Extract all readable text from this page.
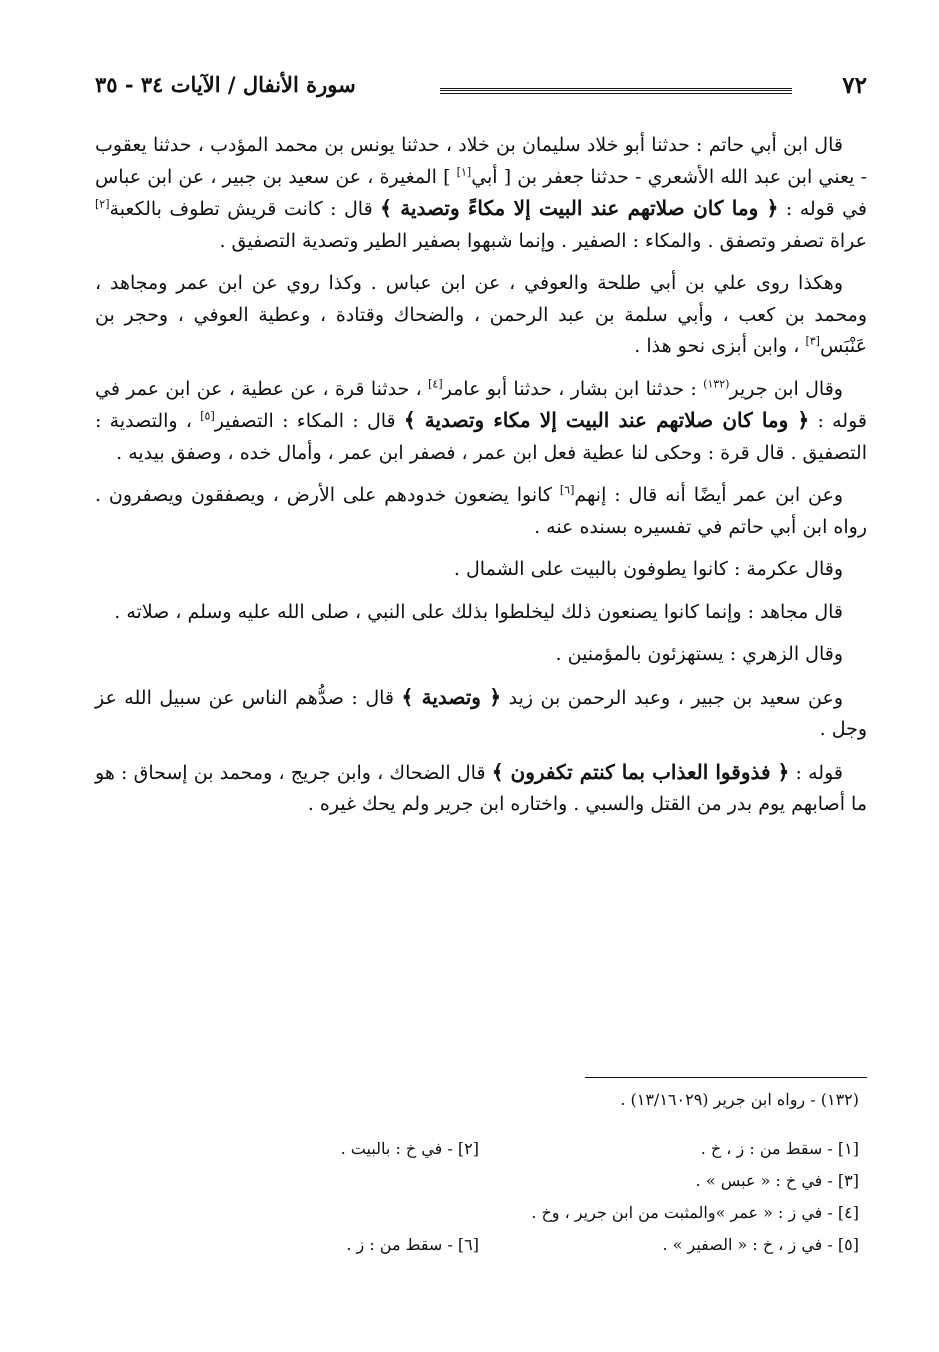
٧٢
سورة الأنفال / الآيات ٣٤ - ٣٥

قال ابن أبي حاتم : حدثنا أبو خلاد سليمان بن خلاد ، حدثنا يونس بن محمد المؤدب ، حدثنا يعقوب - يعني ابن عبد الله الأشعري - حدثنا جعفر بن [ أبي[١] ] المغيرة ، عن سعيد بن جبير ، عن ابن عباس في قوله : ﴿ وما كان صلاتهم عند البيت إلا مكاءً وتصدية ﴾ قال : كانت قريش تطوف بالكعبة[٢] عراة تصفر وتصفق . والمكاء : الصفير . وإنما شبهوا بصفير الطير وتصدية التصفيق .

وهكذا روى علي بن أبي طلحة والعوفي ، عن ابن عباس . وكذا روي عن ابن عمر ومجاهد ، ومحمد بن كعب ، وأبي سلمة بن عبد الرحمن ، والضحاك وقتادة ، وعطية العوفي ، وحجر بن عَنْبَس[٣] ، وابن أبزى نحو هذا .

وقال ابن جرير$^{(١٣٢)}$ : حدثنا ابن بشار ، حدثنا أبو عامر[٤] ، حدثنا قرة ، عن عطية ، عن ابن عمر في قوله : ﴿ وما كان صلاتهم عند البيت إلا مكاء وتصدية ﴾ قال : المكاء : التصفير[٥] ، والتصدية : التصفيق . قال قرة : وحكى لنا عطية فعل ابن عمر ، فصفر ابن عمر ، وأمال خده ، وصفق بيديه .

وعن ابن عمر أيضًا أنه قال : إنهم[٦] كانوا يضعون خدودهم على الأرض ، ويصفقون ويصفرون . رواه ابن أبي حاتم في تفسيره بسنده عنه .

وقال عكرمة : كانوا يطوفون بالبيت على الشمال .

قال مجاهد : وإنما كانوا يصنعون ذلك ليخلطوا بذلك على النبي ، صلى الله عليه وسلم ، صلاته .

وقال الزهري : يستهزئون بالمؤمنين .

وعن سعيد بن جبير ، وعبد الرحمن بن زيد ﴿ وتصدية ﴾ قال : صدُّهم الناس عن سبيل الله عز وجل .

قوله : ﴿ فذوقوا العذاب بما كنتم تكفرون ﴾ قال الضحاك ، وابن جريج ، ومحمد بن إسحاق : هو ما أصابهم يوم بدر من القتل والسبي . واختاره ابن جرير ولم يحك غيره .

(١٣٢) - رواه ابن جرير (١٣/١٦٠٢٩) .
[١] - سقط من : ز ، خ .
[٢] - في خ : بالبيت .
[٣] - في خ : « عبس » .
[٤] - في ز : « عمر »والمثبت من ابن جرير ، وخ .
[٥] - في ز ، خ : « الصفير » .
[٦] - سقط من : ز .
